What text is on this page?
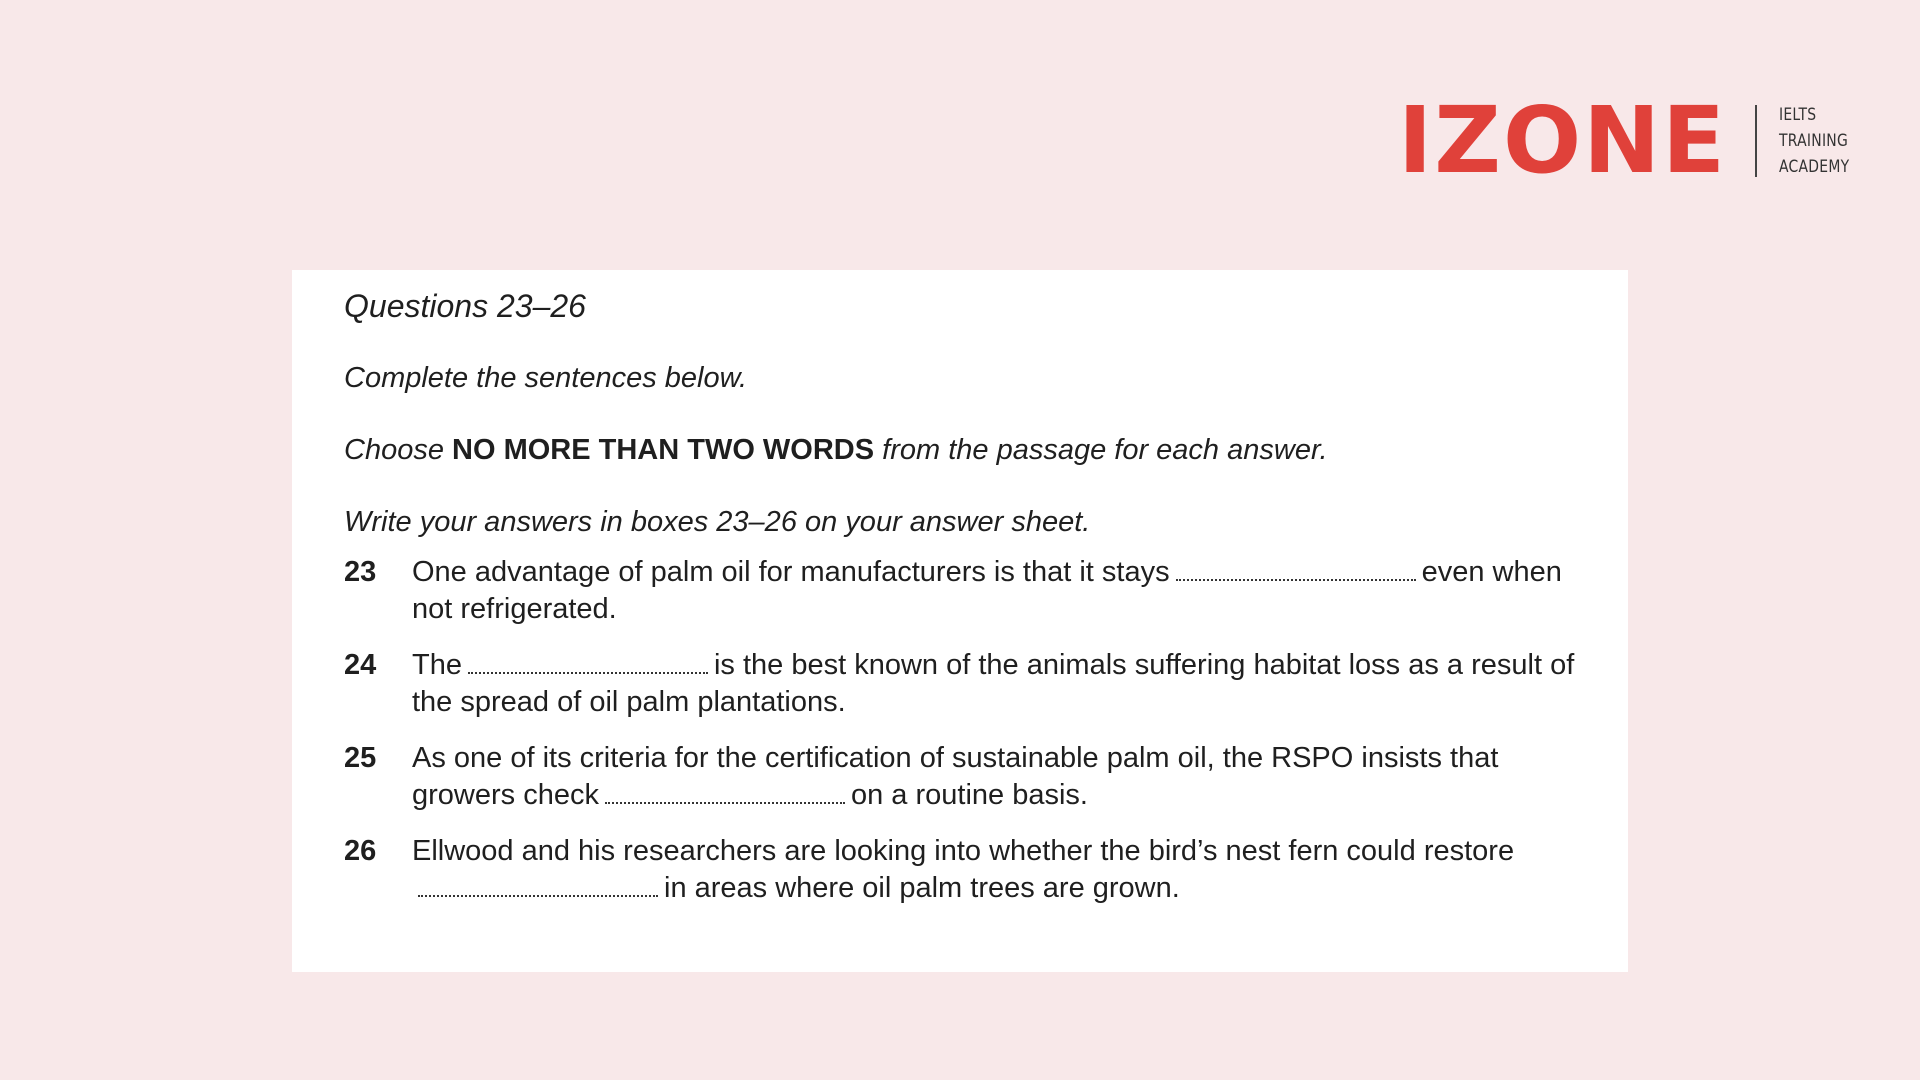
IZONE	IELTS
TRAINING
ACADEMY

Questions 23–26

Complete the sentences below.

Choose NO MORE THAN TWO WORDS from the passage for each answer.

Write your answers in boxes 23–26 on your answer sheet.

23	One advantage of palm oil for manufacturers is that it stays	even when not refrigerated.
24	The	is the best known of the animals suffering habitat loss as a result of the spread of oil palm plantations.
25	As one of its criteria for the certification of sustainable palm oil, the RSPO insists that growers check	on a routine basis.
26	Ellwood and his researchers are looking into whether the bird’s nest fern could restorein areas where oil palm trees are grown.
